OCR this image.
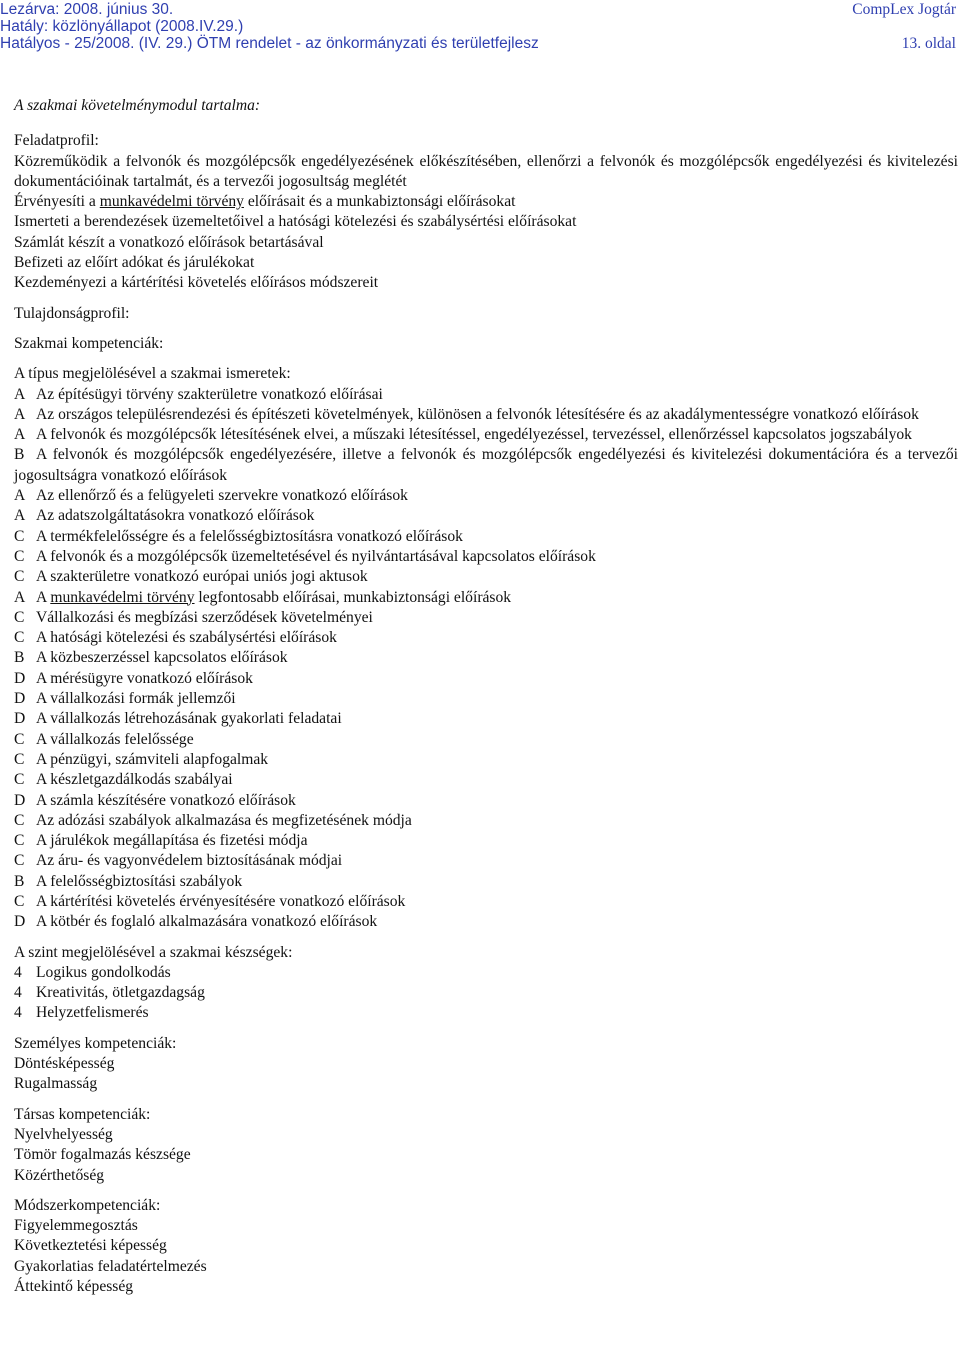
Lezárva: 2008. június 30.
Hatály: közlönyállapot (2008.IV.29.)
Hatályos - 25/2008. (IV. 29.) ÖTM rendelet - az önkormányzati és területfejlesz
CompLex Jogtár
13. oldal

A szakmai követelménymodul tartalma:

Feladatprofil:

Közreműködik a felvonók és mozgólépcsők engedélyezésének előkészítésében, ellenőrzi a felvonók és mozgólépcsők engedélyezési és kivitelezési dokumentációinak tartalmát, és a tervezői jogosultság meglétét

Érvényesíti a munkavédelmi törvény előírásait és a munkabiztonsági előírásokat

Ismerteti a berendezések üzemeltetőivel a hatósági kötelezési és szabálysértési előírásokat

Számlát készít a vonatkozó előírások betartásával

Befizeti az előírt adókat és járulékokat

Kezdeményezi a kártérítési követelés előírásos módszereit

Tulajdonságprofil:

Szakmai kompetenciák:

A típus megjelölésével a szakmai ismeretek:

A Az építésügyi törvény szakterületre vonatkozó előírásai

A Az országos településrendezési és építészeti követelmények, különösen a felvonók létesítésére és az akadálymentességre vonatkozó előírások

A A felvonók és mozgólépcsők létesítésének elvei, a műszaki létesítéssel, engedélyezéssel, tervezéssel, ellenőrzéssel kapcsolatos jogszabályok

B A felvonók és mozgólépcsők engedélyezésére, illetve a felvonók és mozgólépcsők engedélyezési és kivitelezési dokumentációra és a tervezői jogosultságra vonatkozó előírások

A Az ellenőrző és a felügyeleti szervekre vonatkozó előírások

A Az adatszolgáltatásokra vonatkozó előírások

C A termékfelelősségre és a felelősségbiztosításra vonatkozó előírások

C A felvonók és a mozgólépcsők üzemeltetésével és nyilvántartásával kapcsolatos előírások

C A szakterületre vonatkozó európai uniós jogi aktusok

A A munkavédelmi törvény legfontosabb előírásai, munkabiztonsági előírások

C Vállalkozási és megbízási szerződések követelményei

C A hatósági kötelezési és szabálysértési előírások

B A közbeszerzéssel kapcsolatos előírások

D A mérésügyre vonatkozó előírások

D A vállalkozási formák jellemzői

D A vállalkozás létrehozásának gyakorlati feladatai

C A vállalkozás felelőssége

C A pénzügyi, számviteli alapfogalmak

C A készletgazdálkodás szabályai

D A számla készítésére vonatkozó előírások

C Az adózási szabályok alkalmazása és megfizetésének módja

C A járulékok megállapítása és fizetési módja

C Az áru- és vagyonvédelem biztosításának módjai

B A felelősségbiztosítási szabályok

C A kártérítési követelés érvényesítésére vonatkozó előírások

D A kötbér és foglaló alkalmazására vonatkozó előírások

A szint megjelölésével a szakmai készségek:

4 Logikus gondolkodás

4 Kreativitás, ötletgazdagság

4 Helyzetfelismerés

Személyes kompetenciák:

Döntésképesség

Rugalmasság

Társas kompetenciák:

Nyelvhelyesség

Tömör fogalmazás készsége

Közérthetőség

Módszerkompetenciák:

Figyelemmegosztás

Következtetési képesség

Gyakorlatias feladatértelmezés

Áttekintő képesség
